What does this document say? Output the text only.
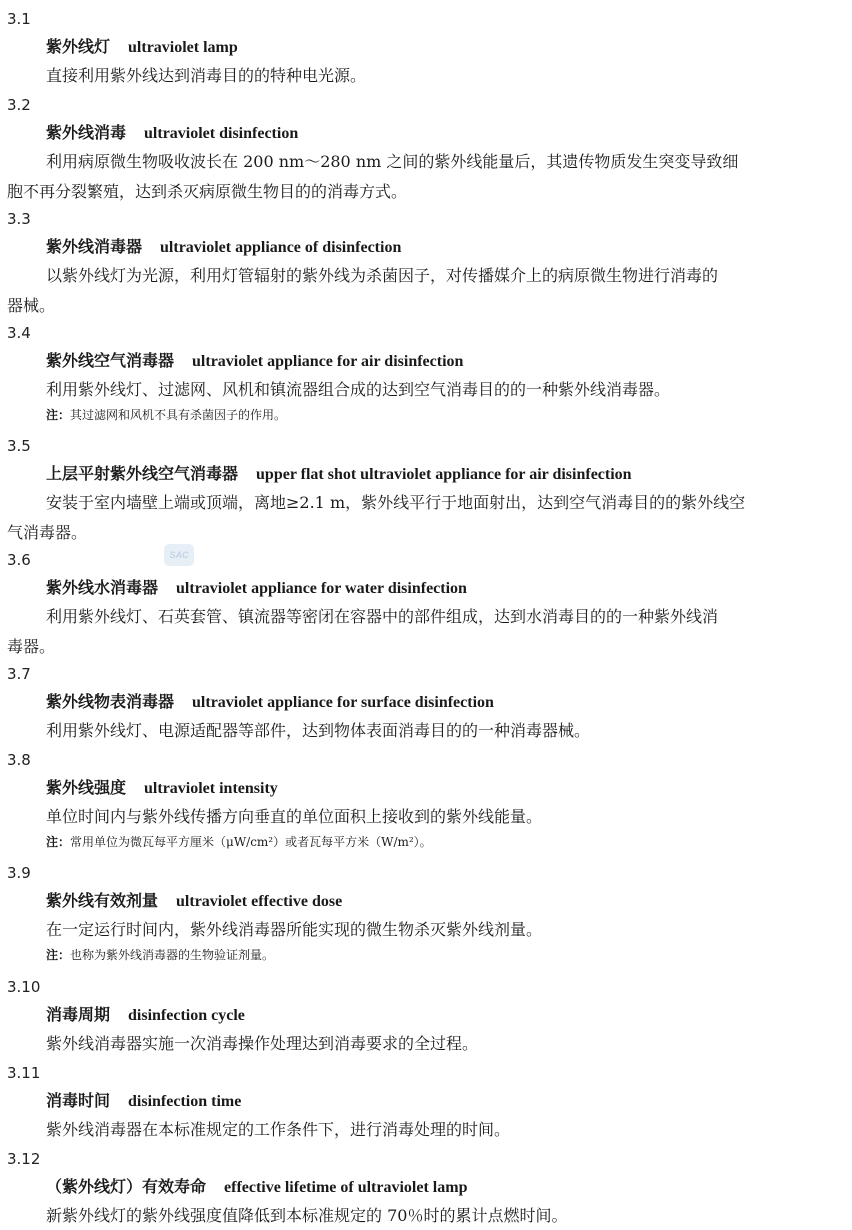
3.1
紫外线灯 ultraviolet lamp
直接利用紫外线达到消毒目的的特种电光源。
3.2
紫外线消毒 ultraviolet disinfection
利用病原微生物吸收波长在 200 nm～280 nm 之间的紫外线能量后，其遗传物质发生突变导致细
胞不再分裂繁殖，达到杀灭病原微生物目的的消毒方式。
3.3
紫外线消毒器 ultraviolet appliance of disinfection
以紫外线灯为光源，利用灯管辐射的紫外线为杀菌因子，对传播媒介上的病原微生物进行消毒的
器械。
3.4
紫外线空气消毒器 ultraviolet appliance for air disinfection
利用紫外线灯、过滤网、风机和镇流器组合成的达到空气消毒目的的一种紫外线消毒器。
注：其过滤网和风机不具有杀菌因子的作用。
3.5
上层平射紫外线空气消毒器 upper flat shot ultraviolet appliance for air disinfection
安装于室内墙壁上端或顶端，离地≥2.1 m，紫外线平行于地面射出，达到空气消毒目的的紫外线空
气消毒器。
3.6
紫外线水消毒器 ultraviolet appliance for water disinfection
利用紫外线灯、石英套管、镇流器等密闭在容器中的部件组成，达到水消毒目的的一种紫外线消
毒器。
3.7
紫外线物表消毒器 ultraviolet appliance for surface disinfection
利用紫外线灯、电源适配器等部件，达到物体表面消毒目的的一种消毒器械。
3.8
紫外线强度 ultraviolet intensity
单位时间内与紫外线传播方向垂直的单位面积上接收到的紫外线能量。
注：常用单位为微瓦每平方厘米（μW/cm²）或者瓦每平方米（W/m²）。
3.9
紫外线有效剂量 ultraviolet effective dose
在一定运行时间内，紫外线消毒器所能实现的微生物杀灭紫外线剂量。
注：也称为紫外线消毒器的生物验证剂量。
3.10
消毒周期 disinfection cycle
紫外线消毒器实施一次消毒操作处理达到消毒要求的全过程。
3.11
消毒时间 disinfection time
紫外线消毒器在本标准规定的工作条件下，进行消毒处理的时间。
3.12
（紫外线灯）有效寿命 effective lifetime of ultraviolet lamp
新紫外线灯的紫外线强度值降低到本标准规定的 70％时的累计点燃时间。
SAC
